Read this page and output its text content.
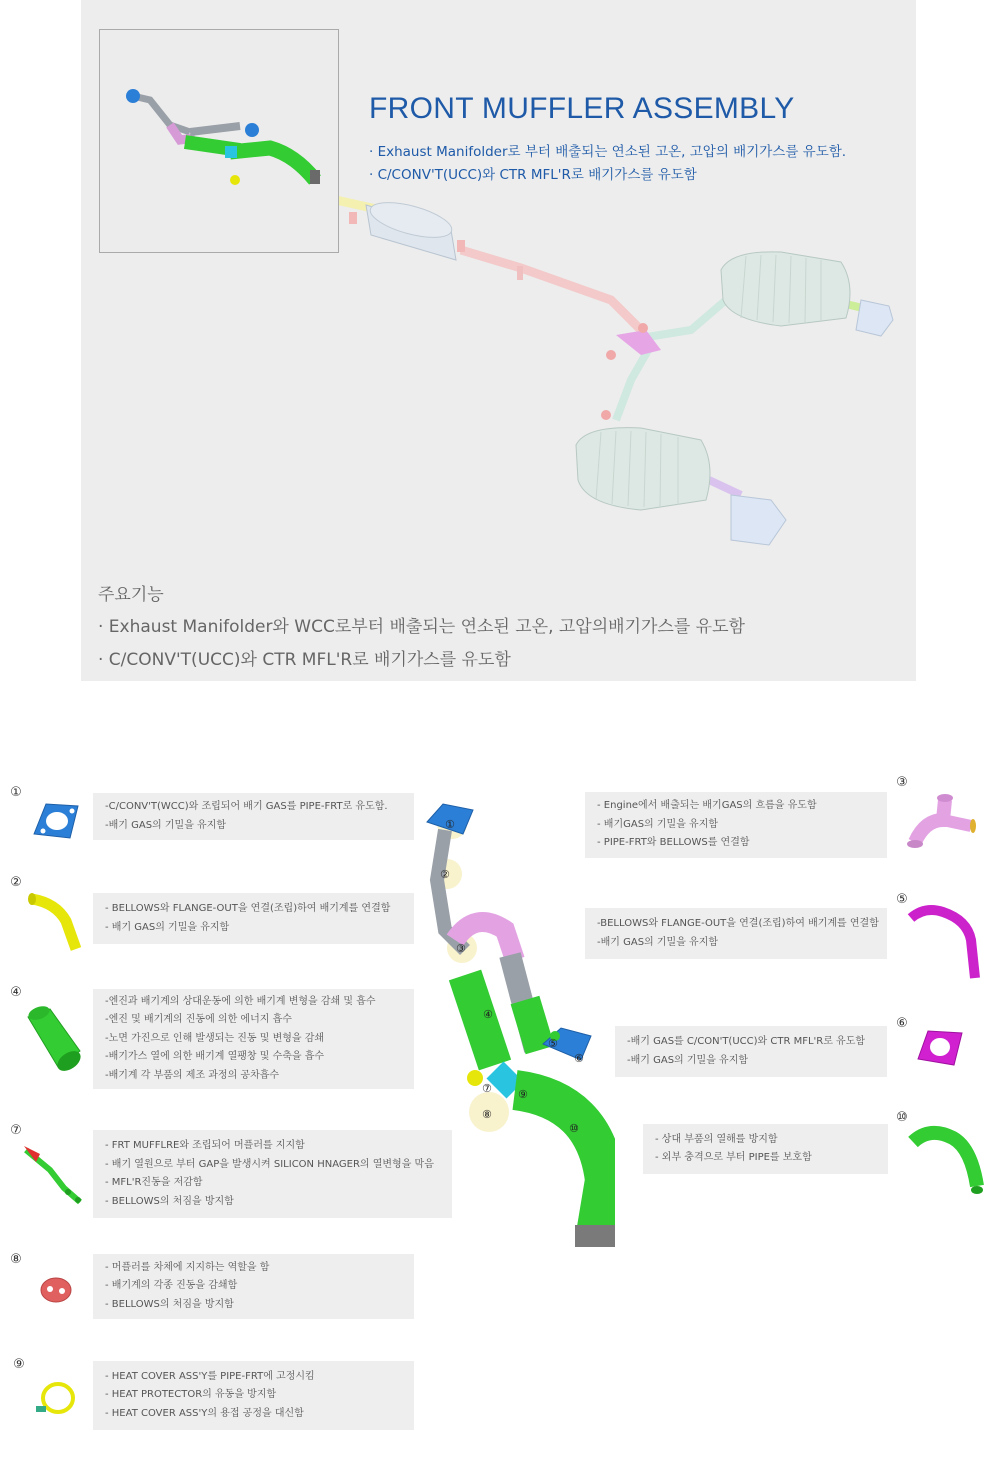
FRONT MUFFLER ASSEMBLY

· Exhaust Manifolder로 부터 배출되는 연소된 고온, 고압의 배기가스를 유도함.

· C/CONV'T(UCC)와 CTR MFL'R로 배기가스를 유도함

주요기능

· Exhaust Manifolder와 WCC로부터 배출되는 연소된 고온, 고압의배기가스를 유도함

· C/CONV'T(UCC)와 CTR MFL'R로 배기가스를 유도함

①

-C/CONV'T(WCC)와 조립되어 배기 GAS를 PIPE-FRT로 유도함.

-배기 GAS의 기밀을 유지함

②

- BELLOWS와 FLANGE-OUT을 연결(조립)하여 배기계를 연결함

- 배기 GAS의 기밀을 유지함

④

-엔진과 배기계의 상대운동에 의한 배기계 변형을 감쇄 및 흡수

-엔진 및 배기계의 진동에 의한 에너지 흡수

-노면 가진으로 인해 발생되는 진동 및 변형을 감쇄

-배기가스 열에 의한 배기계 열팽창 및 수축을 흡수

-배기계 각 부품의 제조 과정의 공차흡수

⑦

- FRT MUFFLRE와 조립되어 머플러를 지지함

- 배기 열원으로 부터 GAP을 발생시켜 SILICON HNAGER의 열변형을 막음

- MFL'R진동을 저감함

- BELLOWS의 처짐을 방지함

⑧

- 머플러를 차체에 지지하는 역할을 함

- 배기계의 각종 진동을 감쇄함

- BELLOWS의 처짐을 방지함

⑨

- HEAT COVER ASS'Y를 PIPE-FRT에 고정시킴

- HEAT PROTECTOR의 유동을 방지함

- HEAT COVER ASS'Y의 용접 공정을 대신함

③

- Engine에서 배출되는 배기GAS의 흐름을 유도함

- 배기GAS의 기밀을 유지함

- PIPE-FRT와 BELLOWS를 연결함

⑤

-BELLOWS와 FLANGE-OUT을 연결(조립)하여 배기계를 연결함

-배기 GAS의 기밀을 유지함

⑥

-배기 GAS를 C/CON'T(UCC)와 CTR MFL'R로 유도함

-배기 GAS의 기밀을 유지함

⑩

- 상대 부품의 열해를 방지함

- 외부 충격으로 부터 PIPE를 보호함

①
②
③
④
⑤
⑥
⑦
⑧
⑨
⑩
